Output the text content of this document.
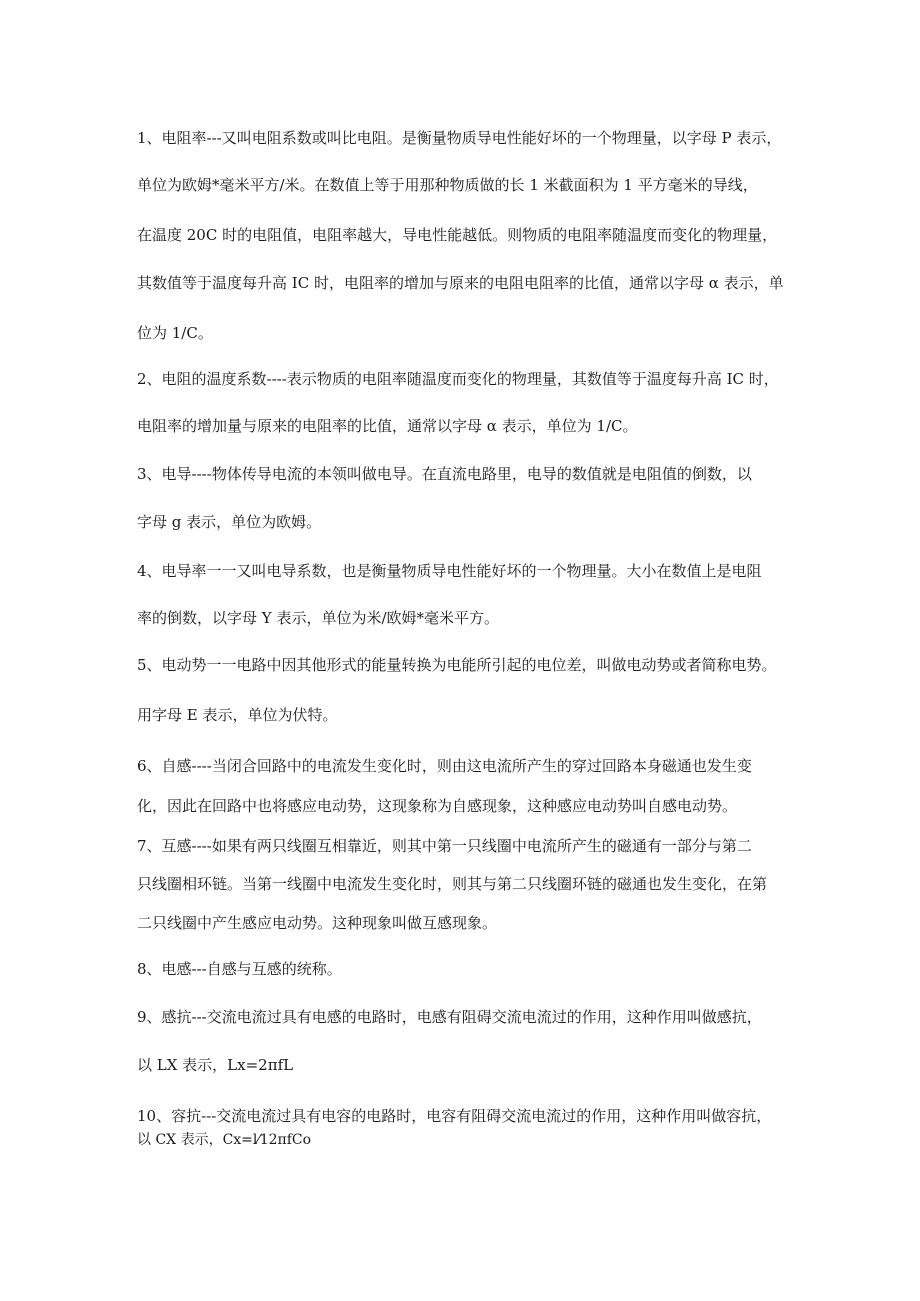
1、电阻率---又叫电阻系数或叫比电阻。是衡量物质导电性能好坏的一个物理量，以字母 P 表示，

单位为欧姆*毫米平方/米。在数值上等于用那种物质做的长 1 米截面积为 1 平方毫米的导线，

在温度 20C 时的电阻值，电阻率越大，导电性能越低。则物质的电阻率随温度而变化的物理量，

其数值等于温度每升高 IC 时，电阻率的增加与原来的电阻电阻率的比值，通常以字母 α 表示，单

位为 1/C。

2、电阻的温度系数----表示物质的电阻率随温度而变化的物理量，其数值等于温度每升高 IC 时，

电阻率的增加量与原来的电阻率的比值，通常以字母 α 表示，单位为 1/C。

3、电导----物体传导电流的本领叫做电导。在直流电路里，电导的数值就是电阻值的倒数，以

字母 g 表示，单位为欧姆。

4、电导率一一又叫电导系数，也是衡量物质导电性能好坏的一个物理量。大小在数值上是电阻

率的倒数，以字母 Y 表示，单位为米/欧姆*毫米平方。

5、电动势一一电路中因其他形式的能量转换为电能所引起的电位差，叫做电动势或者简称电势。

用字母 E 表示，单位为伏特。

6、自感----当闭合回路中的电流发生变化时，则由这电流所产生的穿过回路本身磁通也发生变

化，因此在回路中也将感应电动势，这现象称为自感现象，这种感应电动势叫自感电动势。

7、互感----如果有两只线圈互相靠近，则其中第一只线圈中电流所产生的磁通有一部分与第二

只线圈相环链。当第一线圈中电流发生变化时，则其与第二只线圈环链的磁通也发生变化，在第

二只线圈中产生感应电动势。这种现象叫做互感现象。

8、电感---自感与互感的统称。

9、感抗---交流电流过具有电感的电路时，电感有阻碍交流电流过的作用，这种作用叫做感抗，

以 LX 表示，Lx=2πfL

10、容抗---交流电流过具有电容的电路时，电容有阻碍交流电流过的作用，这种作用叫做容抗，

以 CX 表示，Cx=l⁄12πfCo
